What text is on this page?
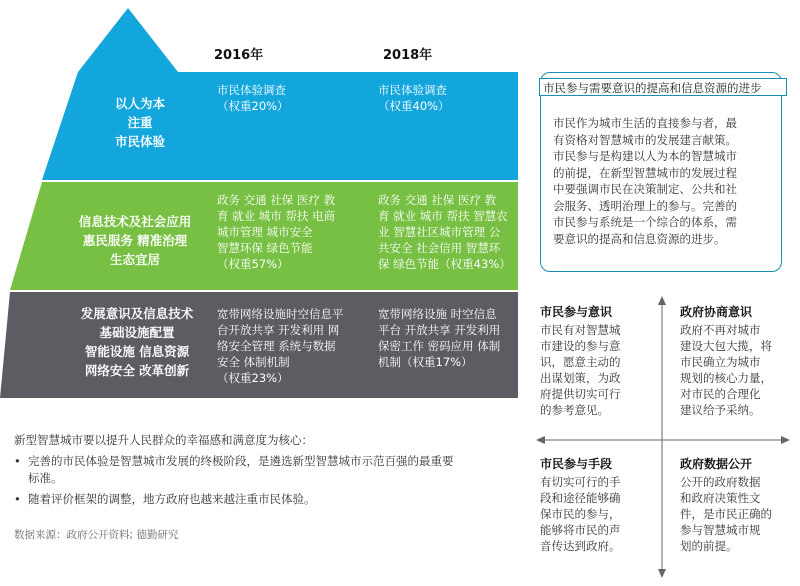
2016年	2018年
以人为本
注重
市民体验
市民体验调查
（权重20%）
市民体验调查
（权重40%）
信息技术及社会应用
惠民服务 精准治理
生态宜居
政务 交通 社保 医疗 教
育 就业 城市 帮扶 电商
城市管理 城市安全
智慧环保 绿色节能
（权重57%）
政务 交通 社保 医疗 教
育 就业 城市 帮扶 智慧农
业 智慧社区城市管理 公
共安全 社会信用 智慧环
保 绿色节能（权重43%）
发展意识及信息技术
基础设施配置
智能设施 信息资源
网络安全 改革创新
宽带网络设施时空信息平
台开放共享 开发利用 网
络安全管理 系统与数据
安全 体制机制
（权重23%）
宽带网络设施 时空信息
平台 开放共享 开发利用
保密工作 密码应用 体制
机制（权重17%）
市民参与需要意识的提高和信息资源的进步
市民作为城市生活的直接参与者，最
有资格对智慧城市的发展建言献策。
市民参与是构建以人为本的智慧城市
的前提，在新型智慧城市的发展过程
中要强调市民在决策制定、公共和社
会服务、透明治理上的参与。完善的
市民参与系统是一个综合的体系，需
要意识的提高和信息资源的进步。
市民参与意识
市民有对智慧城
市建设的参与意
识，愿意主动的
出谋划策，为政
府提供切实可行
的参考意见。
政府协商意识
政府不再对城市
建设大包大揽，将
市民确立为城市
规划的核心力量，
对市民的合理化
建议给予采纳。
市民参与手段
有切实可行的手
段和途径能够确
保市民的参与，
能够将市民的声
音传达到政府。
政府数据公开
公开的政府数据
和政府决策性文
件，是市民正确的
参与智慧城市规
划的前提。
新型智慧城市要以提升人民群众的幸福感和满意度为核心：
• 完善的市民体验是智慧城市发展的终极阶段，是遴选新型智慧城市示范百强的最重要
标准。
• 随着评价框架的调整，地方政府也越来越注重市民体验。
数据来源：政府公开资料; 德勤研究
